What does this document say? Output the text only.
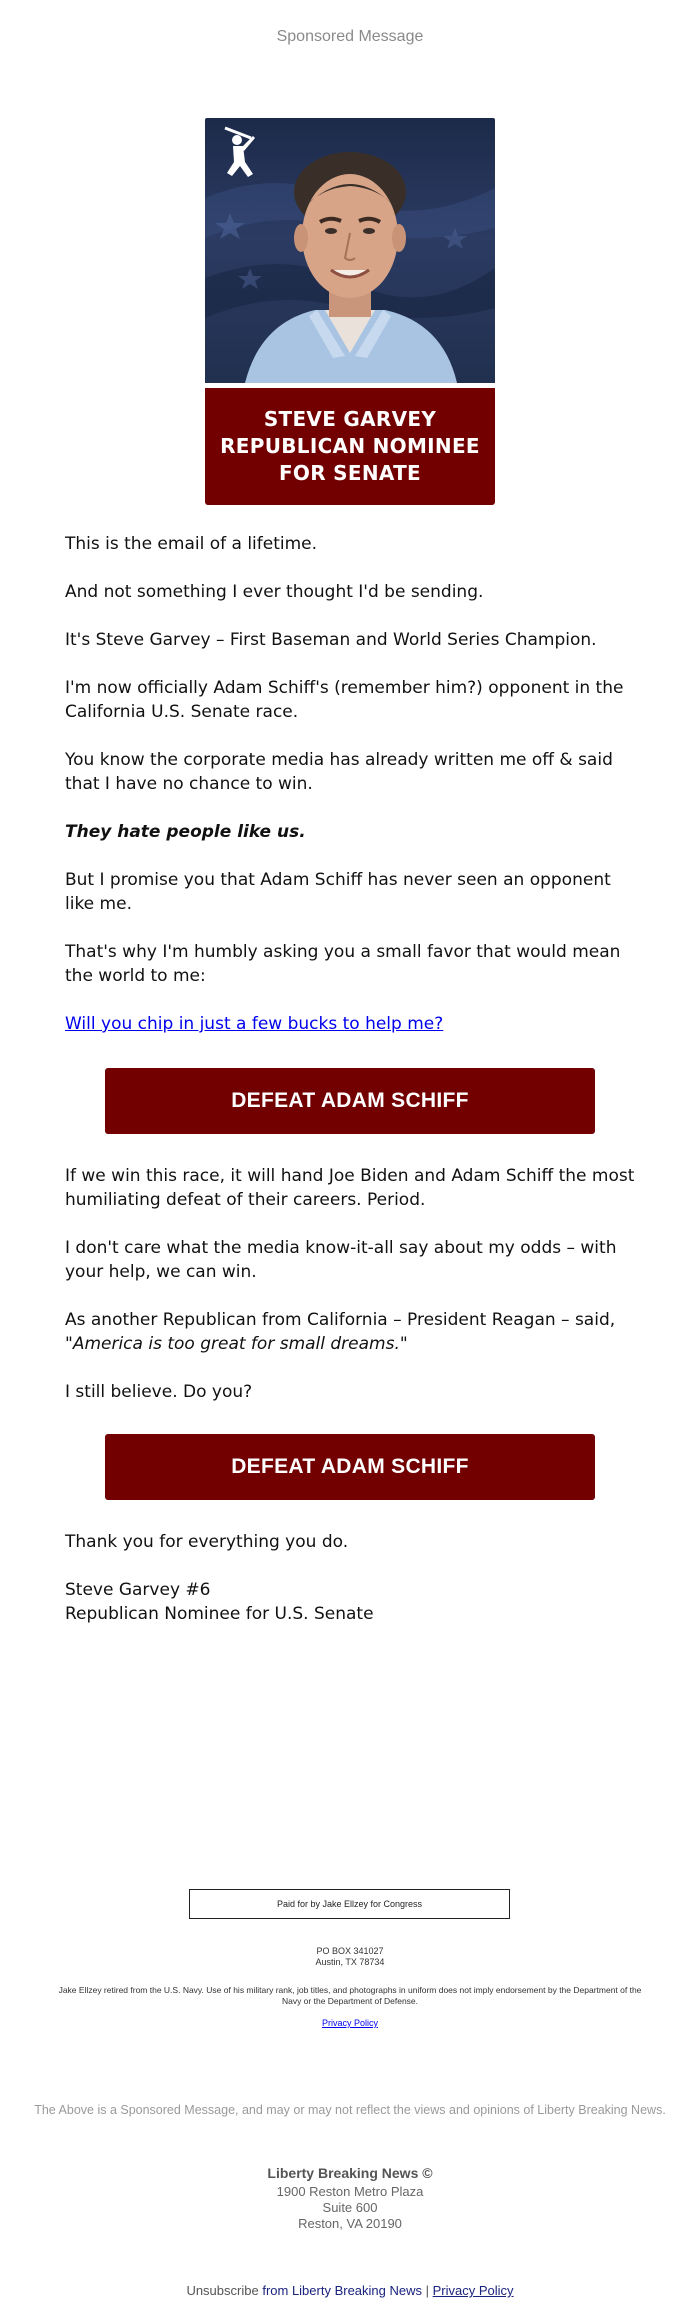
Sponsored Message
STEVE GARVEY
REPUBLICAN NOMINEE
FOR SENATE

This is the email of a lifetime.

And not something I ever thought I'd be sending.

It's Steve Garvey – First Baseman and World Series Champion.

I'm now officially Adam Schiff's (remember him?) opponent in the California U.S. Senate race.

You know the corporate media has already written me off & said that I have no chance to win.

They hate people like us.

But I promise you that Adam Schiff has never seen an opponent like me.

That's why I'm humbly asking you a small favor that would mean the world to me:

Will you chip in just a few bucks to help me?

DEFEAT ADAM SCHIFF

If we win this race, it will hand Joe Biden and Adam Schiff the most humiliating defeat of their careers. Period.

I don't care what the media know-it-all say about my odds – with your help, we can win.

As another Republican from California – President Reagan – said, "America is too great for small dreams."

I still believe. Do you?

DEFEAT ADAM SCHIFF

Thank you for everything you do.

Steve Garvey #6

Republican Nominee for U.S. Senate

Paid for by Jake Ellzey for Congress
PO BOX 341027
Austin, TX 78734
Jake Ellzey retired from the U.S. Navy. Use of his military rank, job titles, and photographs in uniform does not imply endorsement by the Department of the Navy or the Department of Defense.
Privacy Policy
The Above is a Sponsored Message, and may or may not reflect the views and opinions of Liberty Breaking News.
Liberty Breaking News ©
1900 Reston Metro Plaza
Suite 600
Reston, VA 20190
Unsubscribe from Liberty Breaking News | Privacy Policy
